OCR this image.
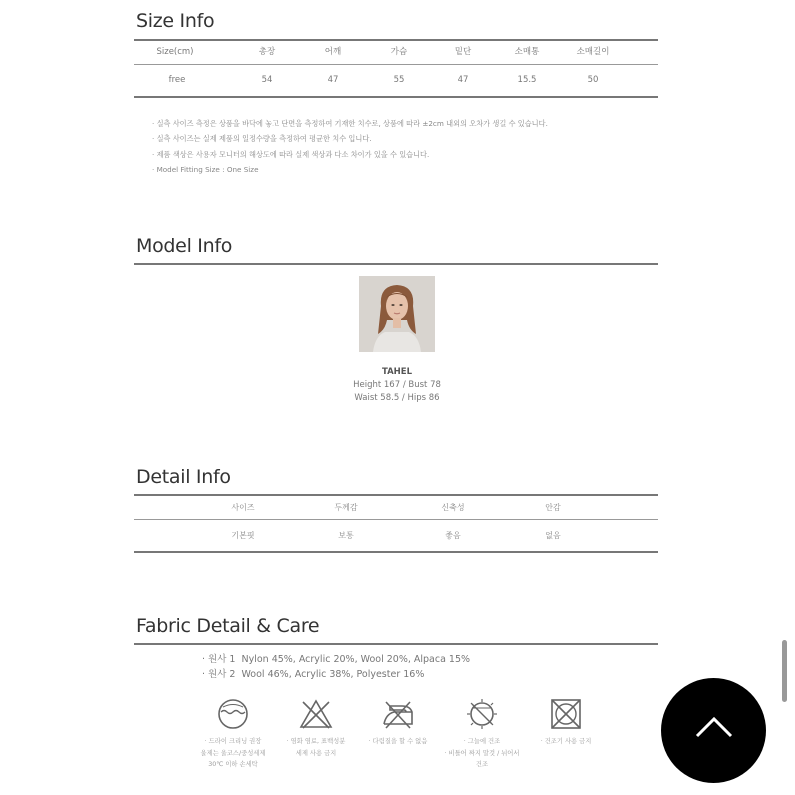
Size Info
Size(cm)	총장	어깨	가슴	밑단	소매통	소매길이
free	54	47	55	47	15.5	50
· 실측 사이즈 측정은 상품을 바닥에 놓고 단면을 측정하여 기재한 치수로, 상품에 따라 ±2cm 내외의 오차가 생길 수 있습니다.
· 실측 사이즈는 실제 제품의 일정수량을 측정하여 평균한 치수 입니다.
· 제품 색상은 사용자 모니터의 해상도에 따라 실제 색상과 다소 차이가 있을 수 있습니다.
· Model Fitting Size : One Size
Model Info
TAHEL
Height 167 / Bust 78
Waist 58.5 / Hips 86
Detail Info
사이즈	두께감	신축성	안감
기본핏	보통	좋음	없음
Fabric Detail & Care
· 원사 1 Nylon 45%, Acrylic 20%, Wool 20%, Alpaca 15%
· 원사 2 Wool 46%, Acrylic 38%, Polyester 16%
· 드라이 크리닝 권장
울제는 울코스/중성세제
30℃ 이하 손세탁
· 염화 염료, 표백성분
세제 사용 금지
· 다림질을 할 수 없음	· 그늘에 건조
· 비틀어 짜지 말것 / 뉘어서 건조
· 건조기 사용 금지
